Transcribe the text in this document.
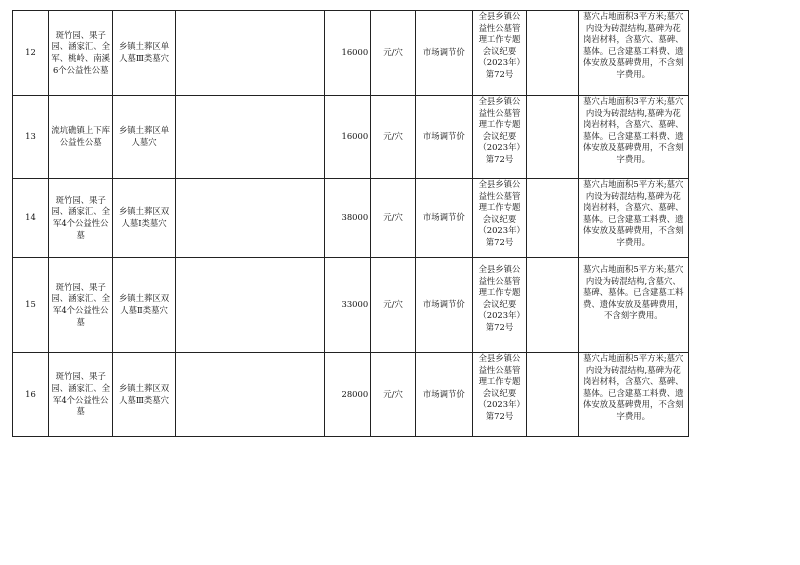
12	斑竹园、果子园、涵家汇、全军、桃岭、南溪6个公益性公墓	乡镇土葬区单人墓Ⅲ类墓穴		16000	元/穴	市场调节价	全县乡镇公益性公墓管理工作专题会议纪要（2023年）第72号		墓穴占地面积3平方米;墓穴内设为砖混结构,墓碑为花岗岩材料，含墓穴、墓碑、墓体。已含建墓工料费、遗体安放及墓碑费用，不含刻字费用。

13	流坑礁镇上下库公益性公墓	乡镇土葬区单人墓穴		16000	元/穴	市场调节价	全县乡镇公益性公墓管理工作专题会议纪要（2023年）第72号		墓穴占地面积3平方米;墓穴内设为砖混结构,墓碑为花岗岩材料，含墓穴、墓碑、墓体。已含建墓工料费、遗体安放及墓碑费用，不含刻字费用。

14	斑竹园、果子园、涵家汇、全军4个公益性公墓	乡镇土葬区双人墓Ⅰ类墓穴		38000	元/穴	市场调节价	全县乡镇公益性公墓管理工作专题会议纪要（2023年）第72号		墓穴占地面积5平方米;墓穴内设为砖混结构,墓碑为花岗岩材料，含墓穴、墓碑、墓体。已含建墓工料费、遗体安放及墓碑费用，不含刻字费用。

15	斑竹园、果子园、涵家汇、全军4个公益性公墓	乡镇土葬区双人墓Ⅱ类墓穴		33000	元/穴	市场调节价	全县乡镇公益性公墓管理工作专题会议纪要（2023年）第72号		墓穴占地面积5平方米;墓穴内设为砖混结构,含墓穴、墓碑、墓体。已含建墓工料费、遗体安放及墓碑费用，不含刻字费用。

16	斑竹园、果子园、涵家汇、全军4个公益性公墓	乡镇土葬区双人墓Ⅲ类墓穴		28000	元/穴	市场调节价	全县乡镇公益性公墓管理工作专题会议纪要（2023年）第72号		墓穴占地面积5平方米;墓穴内设为砖混结构,墓碑为花岗岩材料，含墓穴、墓碑、墓体。已含建墓工料费、遗体安放及墓碑费用，不含刻字费用。
